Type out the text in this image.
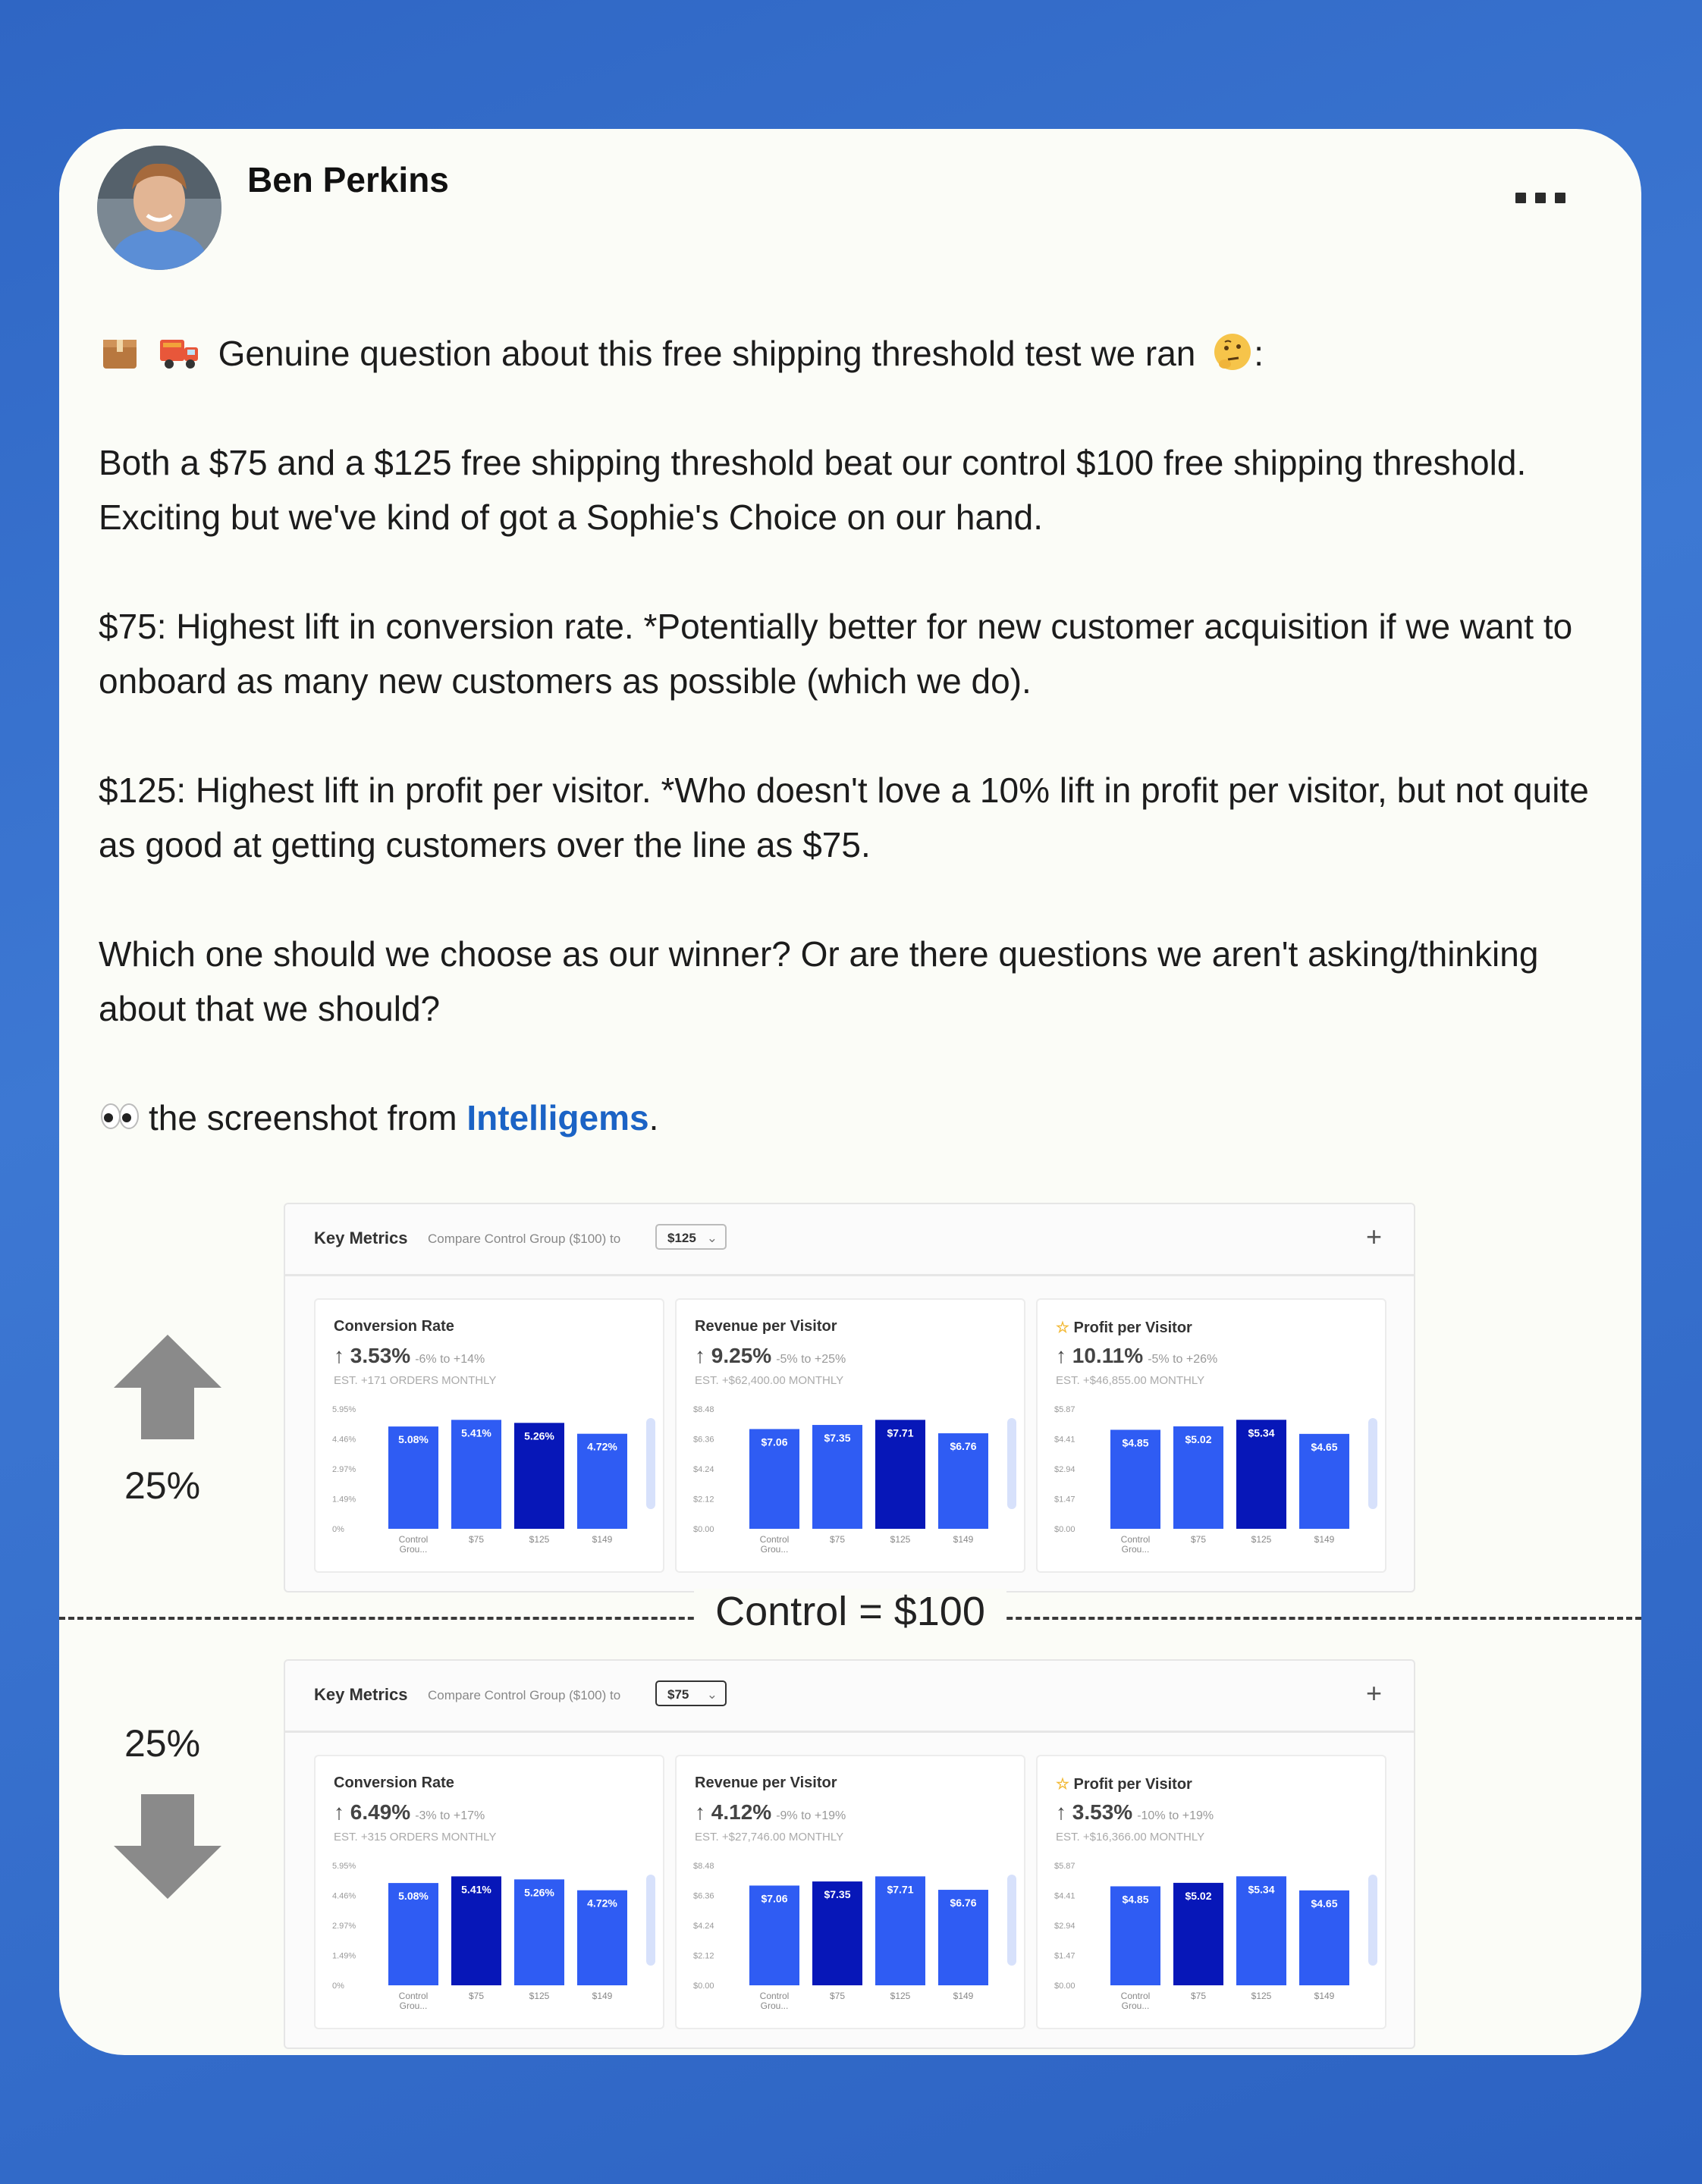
Ben Perkins

Genuine question about this free shipping threshold test we ran :

Both a $75 and a $125 free shipping threshold beat our control $100 free shipping threshold. Exciting but we've kind of got a Sophie's Choice on our hand.

$75: Highest lift in conversion rate. *Potentially better for new customer acquisition if we want to onboard as many new customers as possible (which we do).

$125: Highest lift in profit per visitor. *Who doesn't love a 10% lift in profit per visitor, but not quite as good at getting customers over the line as $75.

Which one should we choose as our winner? Or are there questions we aren't asking/thinking about that we should?

the screenshot from Intelligems.

25%
Key Metrics Compare Control Group ($100) to	$125 ⌄	+
Conversion Rate
↑ 3.53% -6% to +14%
EST. +171 ORDERS MONTHLY
5.95%
4.46%
2.97%
1.49%
0%
5.08%
Control
Grou...
5.41%
$75
5.26%
$125
4.72%
$149
Revenue per Visitor
↑ 9.25% -5% to +25%
EST. +$62,400.00 MONTHLY
$8.48
$6.36
$4.24
$2.12
$0.00
$7.06
Control
Grou...
$7.35
$75
$7.71
$125
$6.76
$149
☆ Profit per Visitor
↑ 10.11% -5% to +26%
EST. +$46,855.00 MONTHLY
$5.87
$4.41
$2.94
$1.47
$0.00
$4.85
Control
Grou...
$5.02
$75
$5.34
$125
$4.65
$149
Control = $100
25%
Key Metrics Compare Control Group ($100) to	$75 ⌄	+
Conversion Rate
↑ 6.49% -3% to +17%
EST. +315 ORDERS MONTHLY
5.95%
4.46%
2.97%
1.49%
0%
5.08%
Control
Grou...
5.41%
$75
5.26%
$125
4.72%
$149
Revenue per Visitor
↑ 4.12% -9% to +19%
EST. +$27,746.00 MONTHLY
$8.48
$6.36
$4.24
$2.12
$0.00
$7.06
Control
Grou...
$7.35
$75
$7.71
$125
$6.76
$149
☆ Profit per Visitor
↑ 3.53% -10% to +19%
EST. +$16,366.00 MONTHLY
$5.87
$4.41
$2.94
$1.47
$0.00
$4.85
Control
Grou...
$5.02
$75
$5.34
$125
$4.65
$149
